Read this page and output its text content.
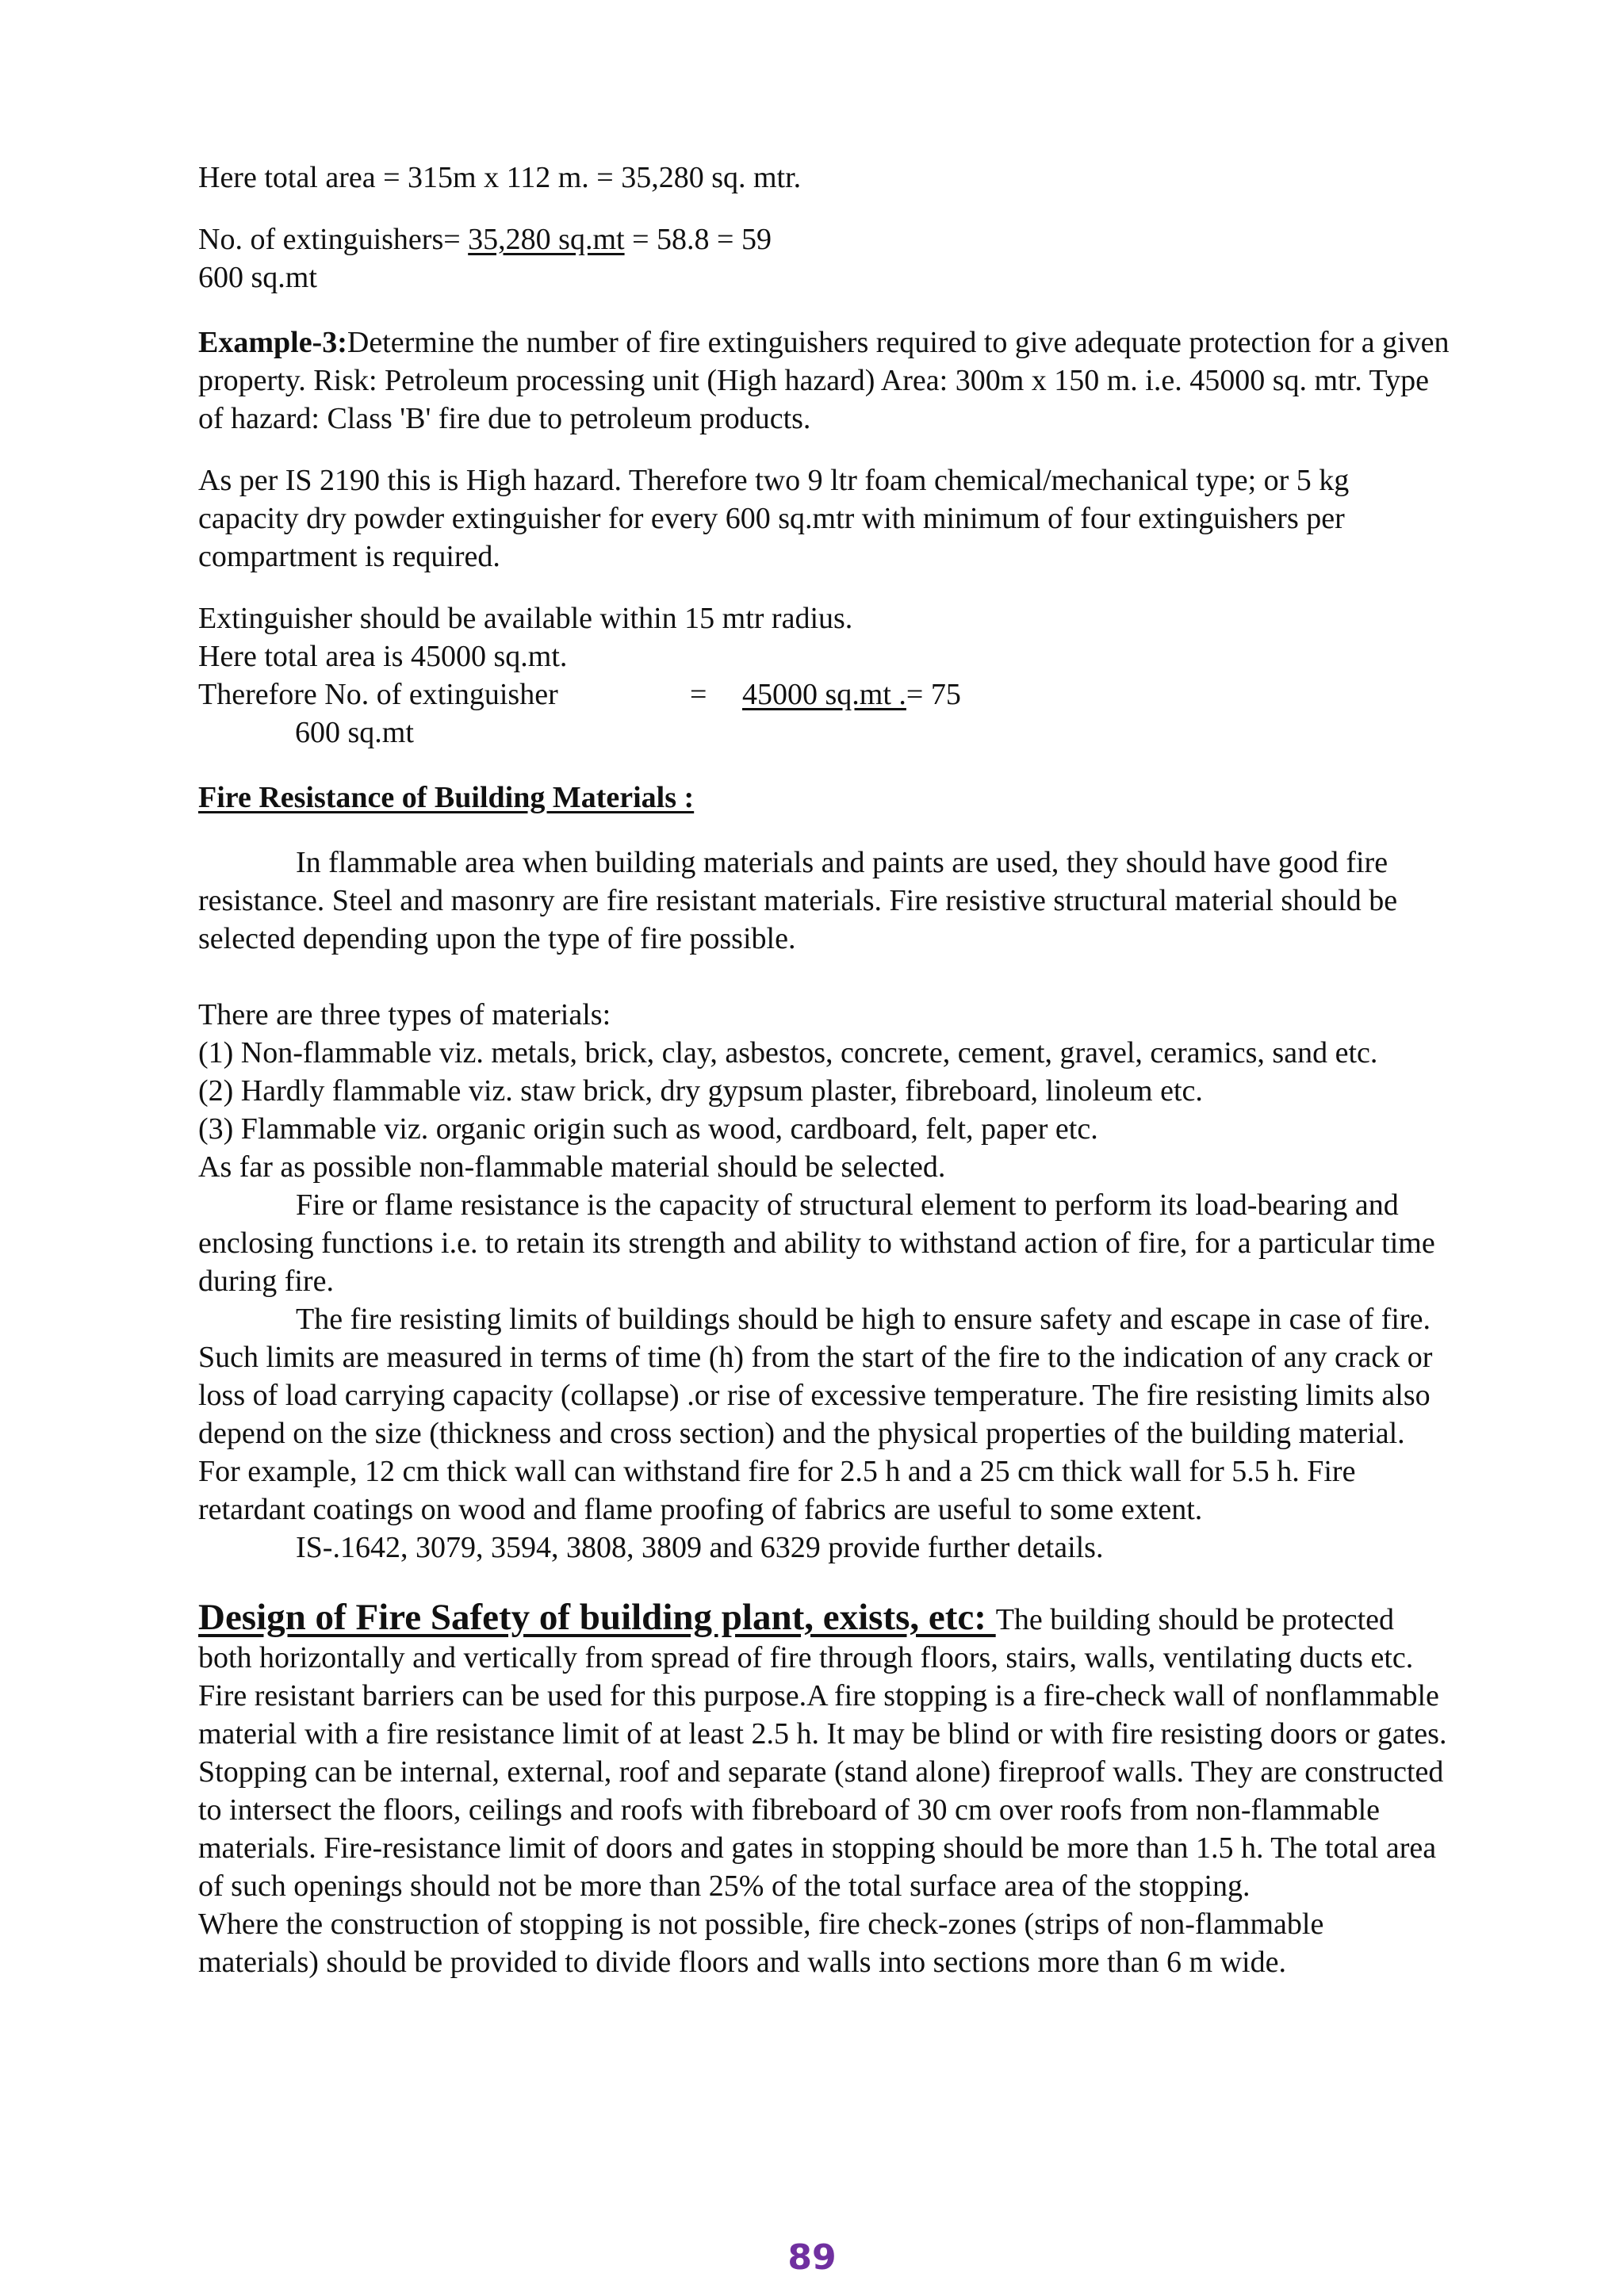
Here total area = 315m x 112 m. = 35,280 sq. mtr.

No. of extinguishers= 35,280 sq.mt = 58.8 = 59
600 sq.mt

Example-3:Determine the number of fire extinguishers required to give adequate protection for a given property. Risk: Petroleum processing unit (High hazard) Area: 300m x 150 m. i.e. 45000 sq. mtr. Type of hazard: Class 'B' fire due to petroleum products.

As per IS 2190 this is High hazard. Therefore two 9 ltr foam chemical/mechanical type; or 5 kg capacity dry powder extinguisher for every 600 sq.mtr with minimum of four extinguishers per compartment is required.

Extinguisher should be available within 15 mtr radius.
Here total area is 45000 sq.mt.
Therefore No. of extinguisher	= 45000 sq.mt .= 75
600 sq.mt

Fire Resistance of Building Materials :

In flammable area when building materials and paints are used, they should have good fire resistance. Steel and masonry are fire resistant materials. Fire resistive structural material should be selected depending upon the type of fire possible.

There are three types of materials:

(1) Non-flammable viz. metals, brick, clay, asbestos, concrete, cement, gravel, ceramics, sand etc.

(2) Hardly flammable viz. staw brick, dry gypsum plaster, fibreboard, linoleum etc.

(3) Flammable viz. organic origin such as wood, cardboard, felt, paper etc.

As far as possible non-flammable material should be selected.

Fire or flame resistance is the capacity of structural element to perform its load-bearing and enclosing functions i.e. to retain its strength and ability to withstand action of fire, for a particular time during fire.

The fire resisting limits of buildings should be high to ensure safety and escape in case of fire. Such limits are measured in terms of time (h) from the start of the fire to the indication of any crack or loss of load carrying capacity (collapse) .or rise of excessive temperature. The fire resisting limits also depend on the size (thickness and cross section) and the physical properties of the building material. For example, 12 cm thick wall can withstand fire for 2.5 h and a 25 cm thick wall for 5.5 h. Fire retardant coatings on wood and flame proofing of fabrics are useful to some extent.

IS-.1642, 3079, 3594, 3808, 3809 and 6329 provide further details.

Design of Fire Safety of building plant, exists, etc: The building should be protected both horizontally and vertically from spread of fire through floors, stairs, walls, ventilating ducts etc. Fire resistant barriers can be used for this purpose.A fire stopping is a fire-check wall of nonflammable material with a fire resistance limit of at least 2.5 h. It may be blind or with fire resisting doors or gates. Stopping can be internal, external, roof and separate (stand alone) fireproof walls. They are constructed to intersect the floors, ceilings and roofs with fibreboard of 30 cm over roofs from non-flammable materials. Fire-resistance limit of doors and gates in stopping should be more than 1.5 h. The total area of such openings should not be more than 25% of the total surface area of the stopping.

Where the construction of stopping is not possible, fire check-zones (strips of non-flammable materials) should be provided to divide floors and walls into sections more than 6 m wide.

89
